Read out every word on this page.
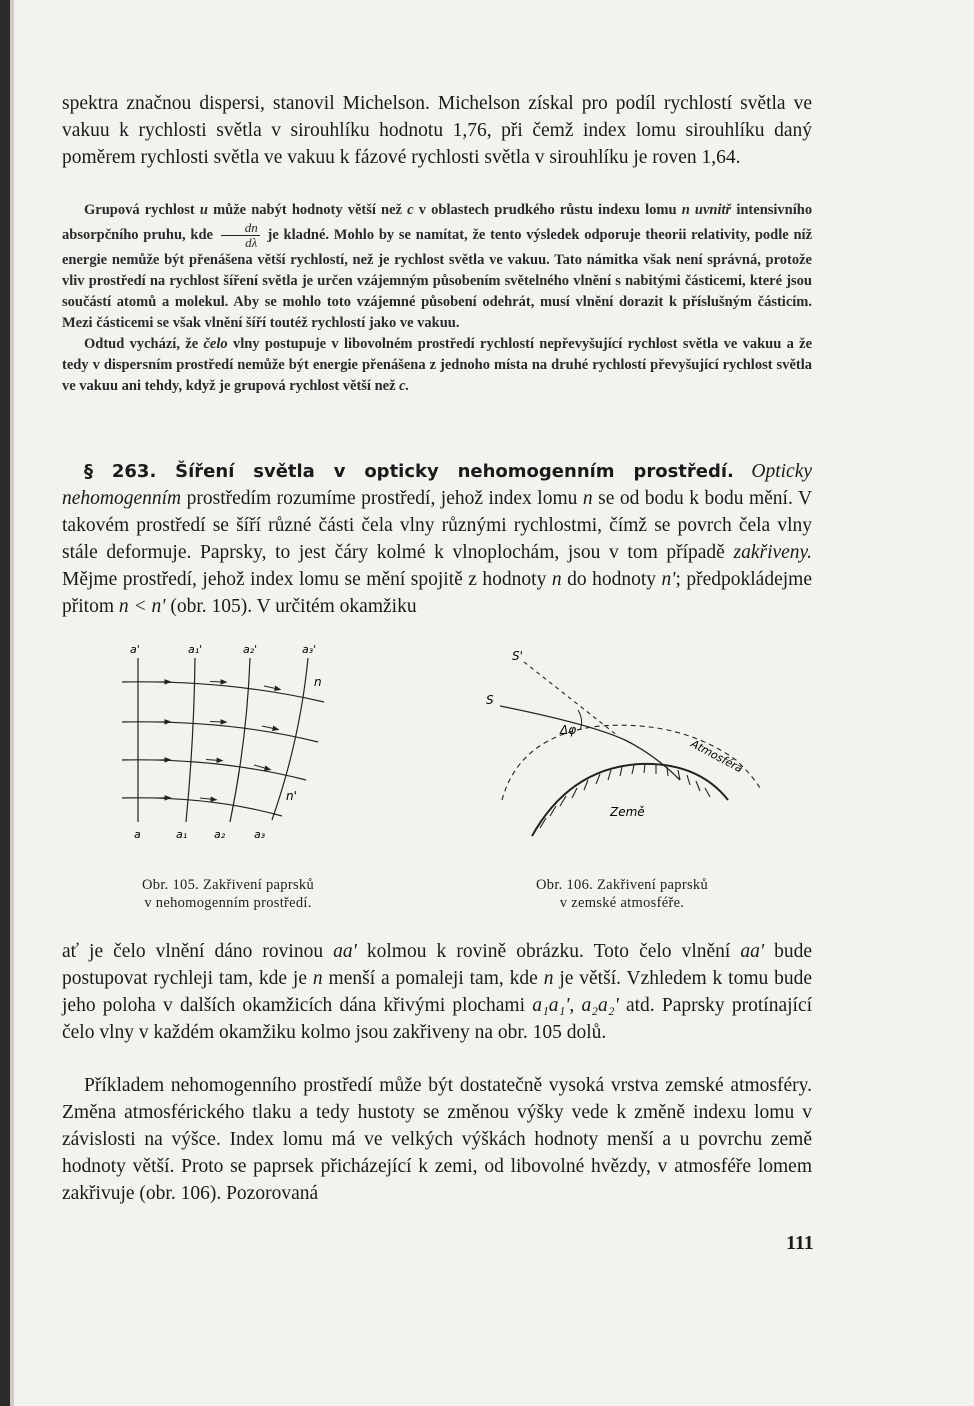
spektra značnou dispersi, stanovil Michelson. Michelson získal pro podíl rychlostí světla ve vakuu k rychlosti světla v sirouhlíku hodnotu 1,76, při čemž index lomu sirouhlíku daný poměrem rychlosti světla ve vakuu k fázové rychlosti světla v sirouhlíku je roven 1,64.

Grupová rychlost u může nabýt hodnoty větší než c v oblastech prudkého růstu indexu lomu n uvnitř intensivního absorpčního pruhu, kde $\frac{dn}{d\lambda}$ je kladné. Mohlo by se namítat, že tento výsledek odporuje theorii relativity, podle níž energie nemůže být přenášena větší rychlostí, než je rychlost světla ve vakuu. Tato námitka však není správná, protože vliv prostředí na rychlost šíření světla je určen vzájemným působením světelného vlnění s nabitými částicemi, které jsou součástí atomů a molekul. Aby se mohlo toto vzájemné působení odehrát, musí vlnění dorazit k příslušným částicím. Mezi částicemi se však vlnění šíří toutéž rychlostí jako ve vakuu.

Odtud vychází, že čelo vlny postupuje v libovolném prostředí rychlostí nepřevyšující rychlost světla ve vakuu a že tedy v dispersním prostředí nemůže být energie přenášena z jednoho místa na druhé rychlostí převyšující rychlost světla ve vakuu ani tehdy, když je grupová rychlost větší než c.

§ 263. Šíření světla v opticky nehomogenním prostředí. Opticky nehomogenním prostředím rozumíme prostředí, jehož index lomu n se od bodu k bodu mění. V takovém prostředí se šíří různé části čela vlny různými rychlostmi, čímž se povrch čela vlny stále deformuje. Paprsky, to jest čáry kolmé k vlnoplochám, jsou v tom případě zakřiveny. Mějme prostředí, jehož index lomu se mění spojitě z hodnoty n do hodnoty n'; předpokládejme přitom n < n' (obr. 105). V určitém okamžiku

a'	a₁'	a₂'	a₃'
a	a₁ a₂	a₃
n
n'
S'
S
Δφ
Atmosféra
Země
Obr. 105. Zakřivení paprsků
v nehomogenním prostředí.
Obr. 106. Zakřivení paprsků
v zemské atmosféře.

ať je čelo vlnění dáno rovinou aa' kolmou k rovině obrázku. Toto čelo vlnění aa' bude postupovat rychleji tam, kde je n menší a pomaleji tam, kde n je větší. Vzhledem k tomu bude jeho poloha v dalších okamžicích dána křivými plochami a₁a₁', a₂a₂' atd. Paprsky protínající čelo vlny v každém okamžiku kolmo jsou zakřiveny na obr. 105 dolů.

Příkladem nehomogenního prostředí může být dostatečně vysoká vrstva zemské atmosféry. Změna atmosférického tlaku a tedy hustoty se změnou výšky vede k změně indexu lomu v závislosti na výšce. Index lomu má ve velkých výškách hodnoty menší a u povrchu země hodnoty větší. Proto se paprsek přicházející k zemi, od libovolné hvězdy, v atmosféře lomem zakřivuje (obr. 106). Pozorovaná

111
